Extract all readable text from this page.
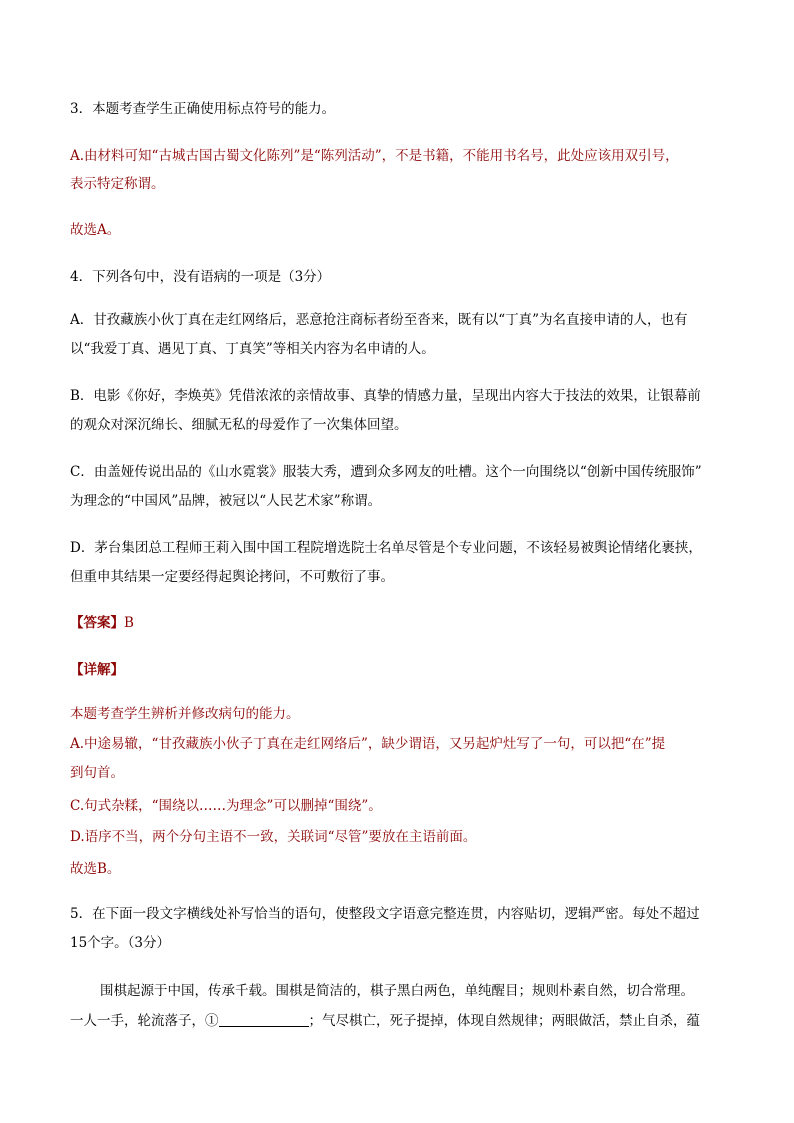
3．本题考查学生正确使用标点符号的能力。
A.由材料可知“古城古国古蜀文化陈列”是“陈列活动”，不是书籍，不能用书名号，此处应该用双引号，
表示特定称谓。
故选A。
4．下列各句中，没有语病的一项是（3分）
A．甘孜藏族小伙丁真在走红网络后，恶意抢注商标者纷至沓来，既有以“丁真”为名直接申请的人，也有
以“我爱丁真、遇见丁真、丁真笑”等相关内容为名申请的人。
B．电影《你好，李焕英》凭借浓浓的亲情故事、真挚的情感力量，呈现出内容大于技法的效果，让银幕前
的观众对深沉绵长、细腻无私的母爱作了一次集体回望。
C．由盖娅传说出品的《山水霓裳》服装大秀，遭到众多网友的吐槽。这个一向围绕以“创新中国传统服饰”
为理念的“中国风”品牌，被冠以“人民艺术家”称谓。
D．茅台集团总工程师王莉入围中国工程院增选院士名单尽管是个专业问题，不该轻易被舆论情绪化裹挟，
但重申其结果一定要经得起舆论拷问，不可敷衍了事。
【答案】B
【详解】
本题考查学生辨析并修改病句的能力。
A.中途易辙，“甘孜藏族小伙子丁真在走红网络后”，缺少谓语，又另起炉灶写了一句，可以把“在”提
到句首。
C.句式杂糅，“围绕以……为理念”可以删掉“围绕”。
D.语序不当，两个分句主语不一致，关联词“尽管”要放在主语前面。
故选B。
5．在下面一段文字横线处补写恰当的语句，使整段文字语意完整连贯，内容贴切，逻辑严密。每处不超过
15个字。（3分）
围棋起源于中国，传承千载。围棋是简洁的，棋子黑白两色，单纯醒目；规则朴素自然，切合常理。
一人一手，轮流落子，①	；气尽棋亡，死子提掉，体现自然规律；两眼做活，禁止自杀，蕴
